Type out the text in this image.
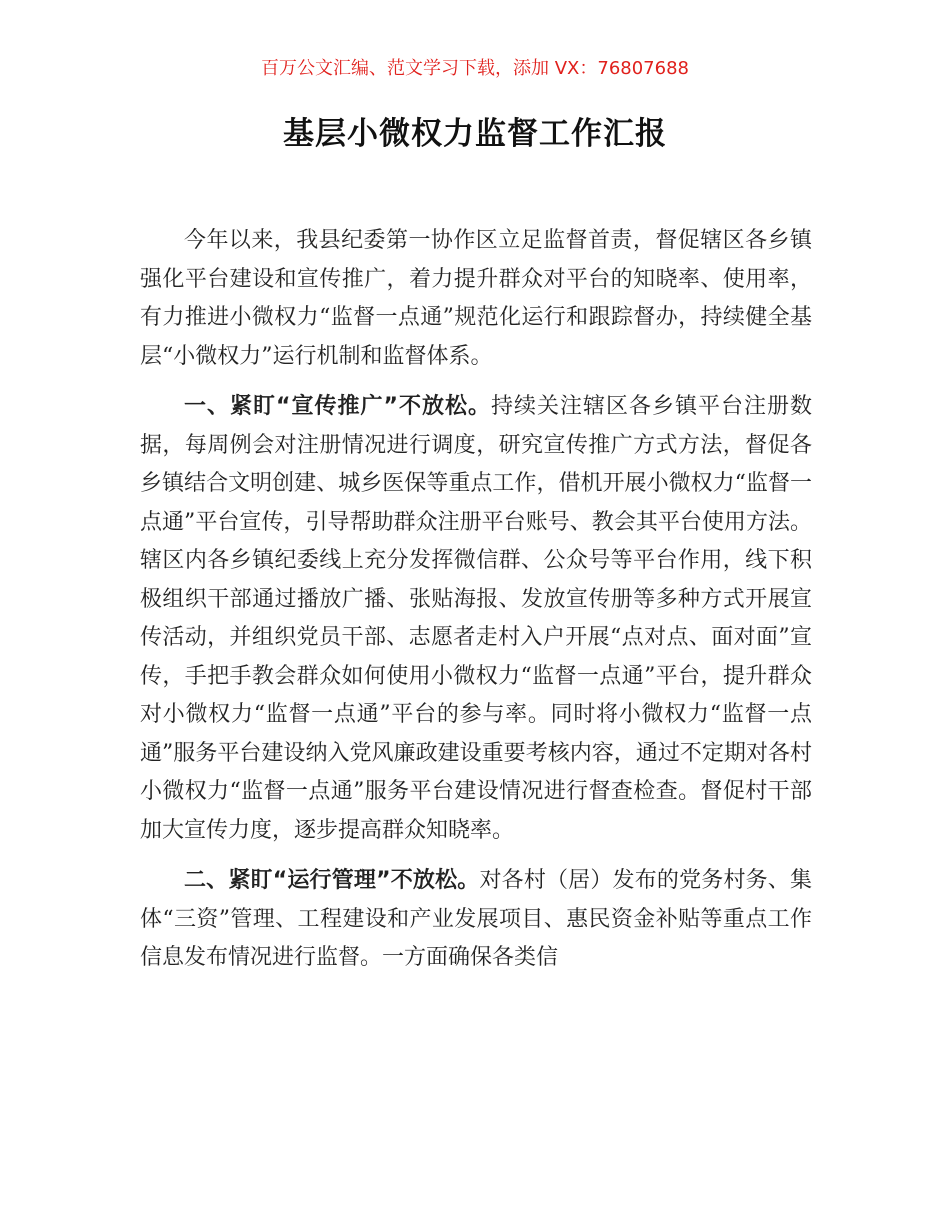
百万公文汇编、范文学习下载，添加 VX：76807688
基层小微权力监督工作汇报

今年以来，我县纪委第一协作区立足监督首责，督促辖区各乡镇强化平台建设和宣传推广，着力提升群众对平台的知晓率、使用率，有力推进小微权力“监督一点通”规范化运行和跟踪督办，持续健全基层“小微权力”运行机制和监督体系。

一、紧盯“宣传推广”不放松。持续关注辖区各乡镇平台注册数据，每周例会对注册情况进行调度，研究宣传推广方式方法，督促各乡镇结合文明创建、城乡医保等重点工作，借机开展小微权力“监督一点通”平台宣传，引导帮助群众注册平台账号、教会其平台使用方法。辖区内各乡镇纪委线上充分发挥微信群、公众号等平台作用，线下积极组织干部通过播放广播、张贴海报、发放宣传册等多种方式开展宣传活动，并组织党员干部、志愿者走村入户开展“点对点、面对面”宣传，手把手教会群众如何使用小微权力“监督一点通”平台，提升群众对小微权力“监督一点通”平台的参与率。同时将小微权力“监督一点通”服务平台建设纳入党风廉政建设重要考核内容，通过不定期对各村小微权力“监督一点通”服务平台建设情况进行督查检查。督促村干部加大宣传力度，逐步提高群众知晓率。

二、紧盯“运行管理”不放松。对各村（居）发布的党务村务、集体“三资”管理、工程建设和产业发展项目、惠民资金补贴等重点工作信息发布情况进行监督。一方面确保各类信
